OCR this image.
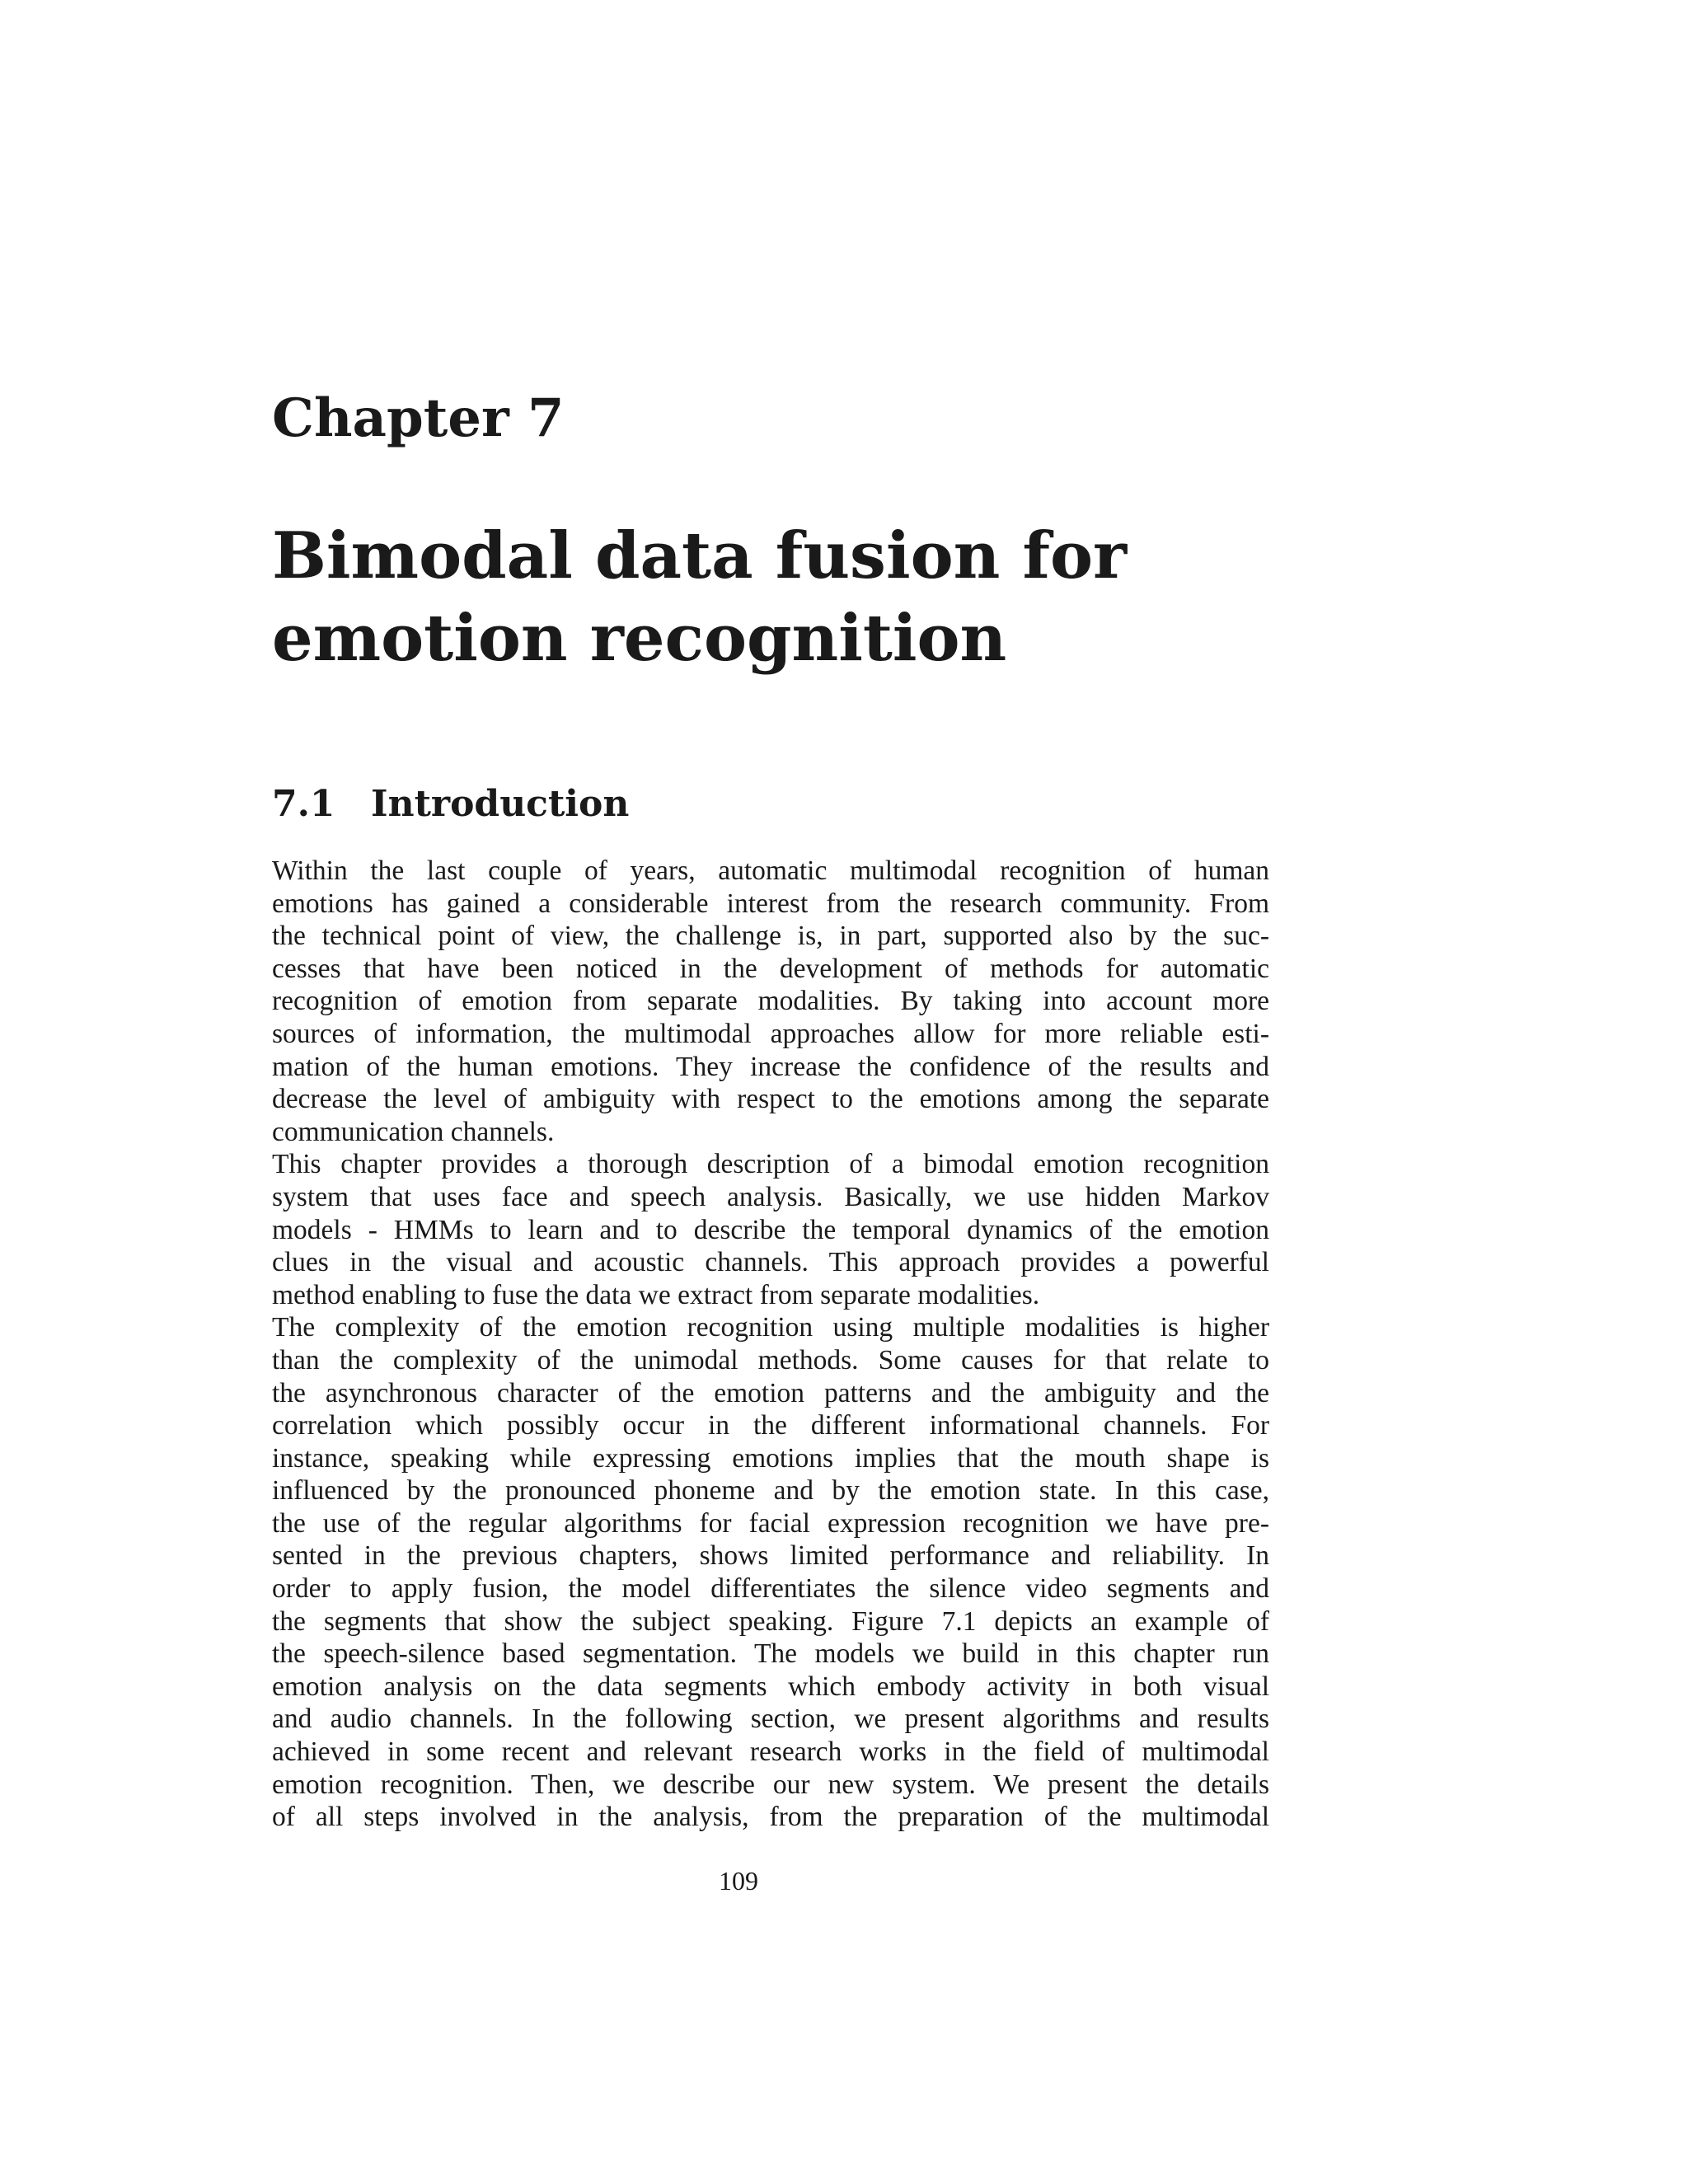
Chapter 7
Bimodal data fusion for
emotion recognition
7.1 Introduction
Within the last couple of years, automatic multimodal recognition of human
emotions has gained a considerable interest from the research community. From
the technical point of view, the challenge is, in part, supported also by the suc-
cesses that have been noticed in the development of methods for automatic
recognition of emotion from separate modalities. By taking into account more
sources of information, the multimodal approaches allow for more reliable esti-
mation of the human emotions. They increase the confidence of the results and
decrease the level of ambiguity with respect to the emotions among the separate
communication channels.
This chapter provides a thorough description of a bimodal emotion recognition
system that uses face and speech analysis. Basically, we use hidden Markov
models - HMMs to learn and to describe the temporal dynamics of the emotion
clues in the visual and acoustic channels. This approach provides a powerful
method enabling to fuse the data we extract from separate modalities.
The complexity of the emotion recognition using multiple modalities is higher
than the complexity of the unimodal methods. Some causes for that relate to
the asynchronous character of the emotion patterns and the ambiguity and the
correlation which possibly occur in the different informational channels. For
instance, speaking while expressing emotions implies that the mouth shape is
influenced by the pronounced phoneme and by the emotion state. In this case,
the use of the regular algorithms for facial expression recognition we have pre-
sented in the previous chapters, shows limited performance and reliability. In
order to apply fusion, the model differentiates the silence video segments and
the segments that show the subject speaking. Figure 7.1 depicts an example of
the speech-silence based segmentation. The models we build in this chapter run
emotion analysis on the data segments which embody activity in both visual
and audio channels. In the following section, we present algorithms and results
achieved in some recent and relevant research works in the field of multimodal
emotion recognition. Then, we describe our new system. We present the details
of all steps involved in the analysis, from the preparation of the multimodal

109
